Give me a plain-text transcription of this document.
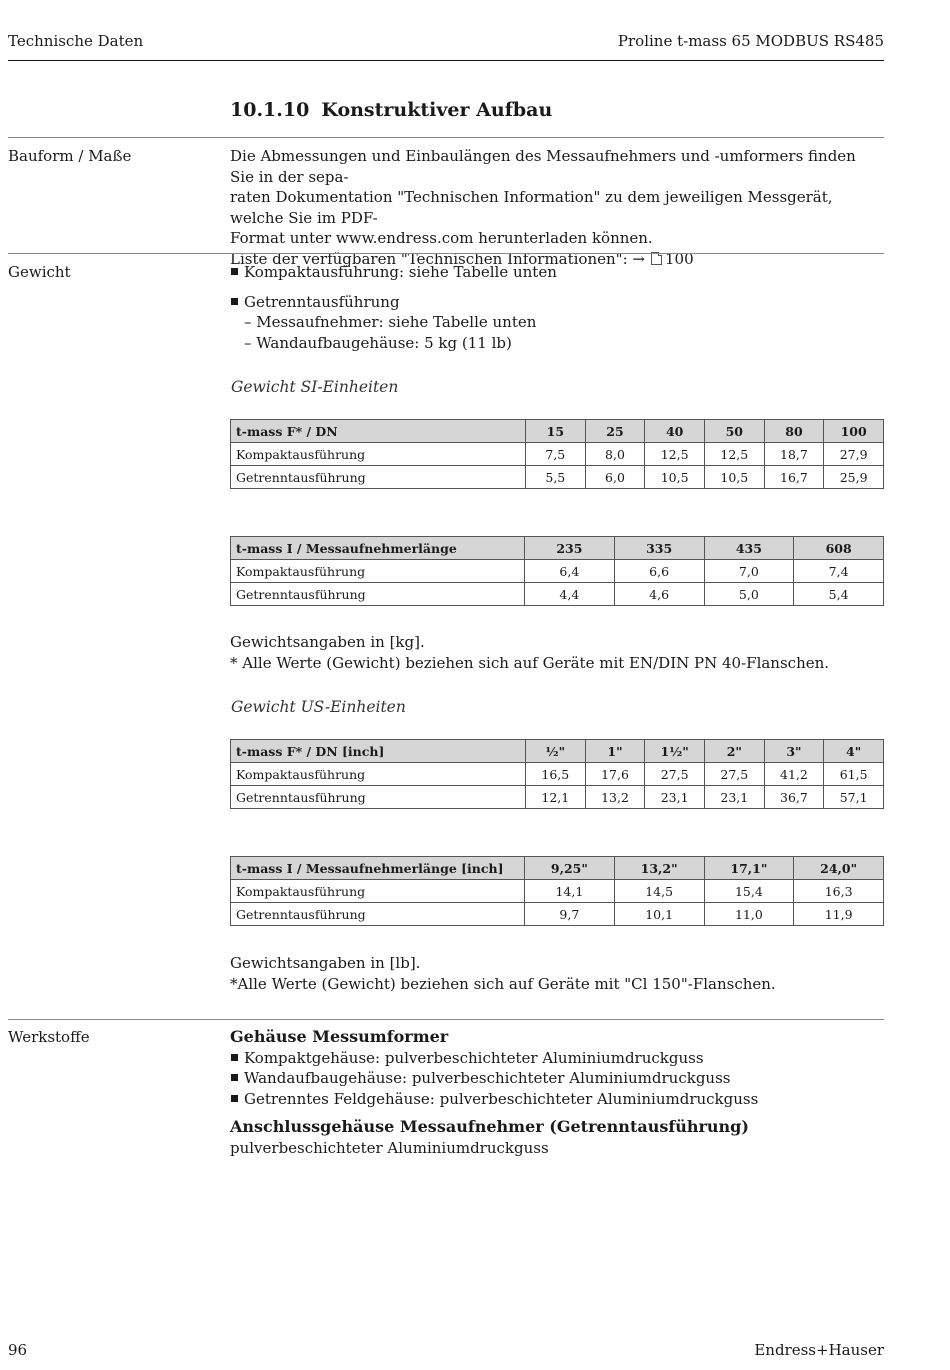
Technische Daten	Proline t-mass 65 MODBUS RS485
10.1.10 Konstruktiver Aufbau
Bauform / Maße	Die Abmessungen und Einbaulängen des Messaufnehmers und -umformers finden Sie in der sepa-
raten Dokumentation "Technischen Information" zu dem jeweiligen Messgerät, welche Sie im PDF-
Format unter www.endress.com herunterladen können.
Liste der verfügbaren "Technischen Informationen": → 100
Gewicht	Kompaktausführung: siehe Tabelle unten
Getrenntausführung
– Messaufnehmer: siehe Tabelle unten
– Wandaufbaugehäuse: 5 kg (11 lb)
Gewicht SI-Einheiten
t-mass F* / DN	15	25	40	50	80	100
Kompaktausführung	7,5	8,0	12,5	12,5	18,7	27,9
Getrenntausführung	5,5	6,0	10,5	10,5	16,7	25,9
t-mass I / Messaufnehmerlänge	235	335	435	608
Kompaktausführung	6,4	6,6	7,0	7,4
Getrenntausführung	4,4	4,6	5,0	5,4
Gewichtsangaben in [kg].
* Alle Werte (Gewicht) beziehen sich auf Geräte mit EN/DIN PN 40-Flanschen.
Gewicht US-Einheiten
t-mass F* / DN [inch]	½"	1"	1½"	2"	3"	4"
Kompaktausführung	16,5	17,6	27,5	27,5	41,2	61,5
Getrenntausführung	12,1	13,2	23,1	23,1	36,7	57,1
t-mass I / Messaufnehmerlänge [inch]	9,25"	13,2"	17,1"	24,0"
Kompaktausführung	14,1	14,5	15,4	16,3
Getrenntausführung	9,7	10,1	11,0	11,9
Gewichtsangaben in [lb].
*Alle Werte (Gewicht) beziehen sich auf Geräte mit "Cl 150"-Flanschen.
Werkstoffe	Gehäuse Messumformer
Kompaktgehäuse: pulverbeschichteter Aluminiumdruckguss
Wandaufbaugehäuse: pulverbeschichteter Aluminiumdruckguss
Getrenntes Feldgehäuse: pulverbeschichteter Aluminiumdruckguss
Anschlussgehäuse Messaufnehmer (Getrenntausführung)
pulverbeschichteter Aluminiumdruckguss
96	Endress+Hauser
